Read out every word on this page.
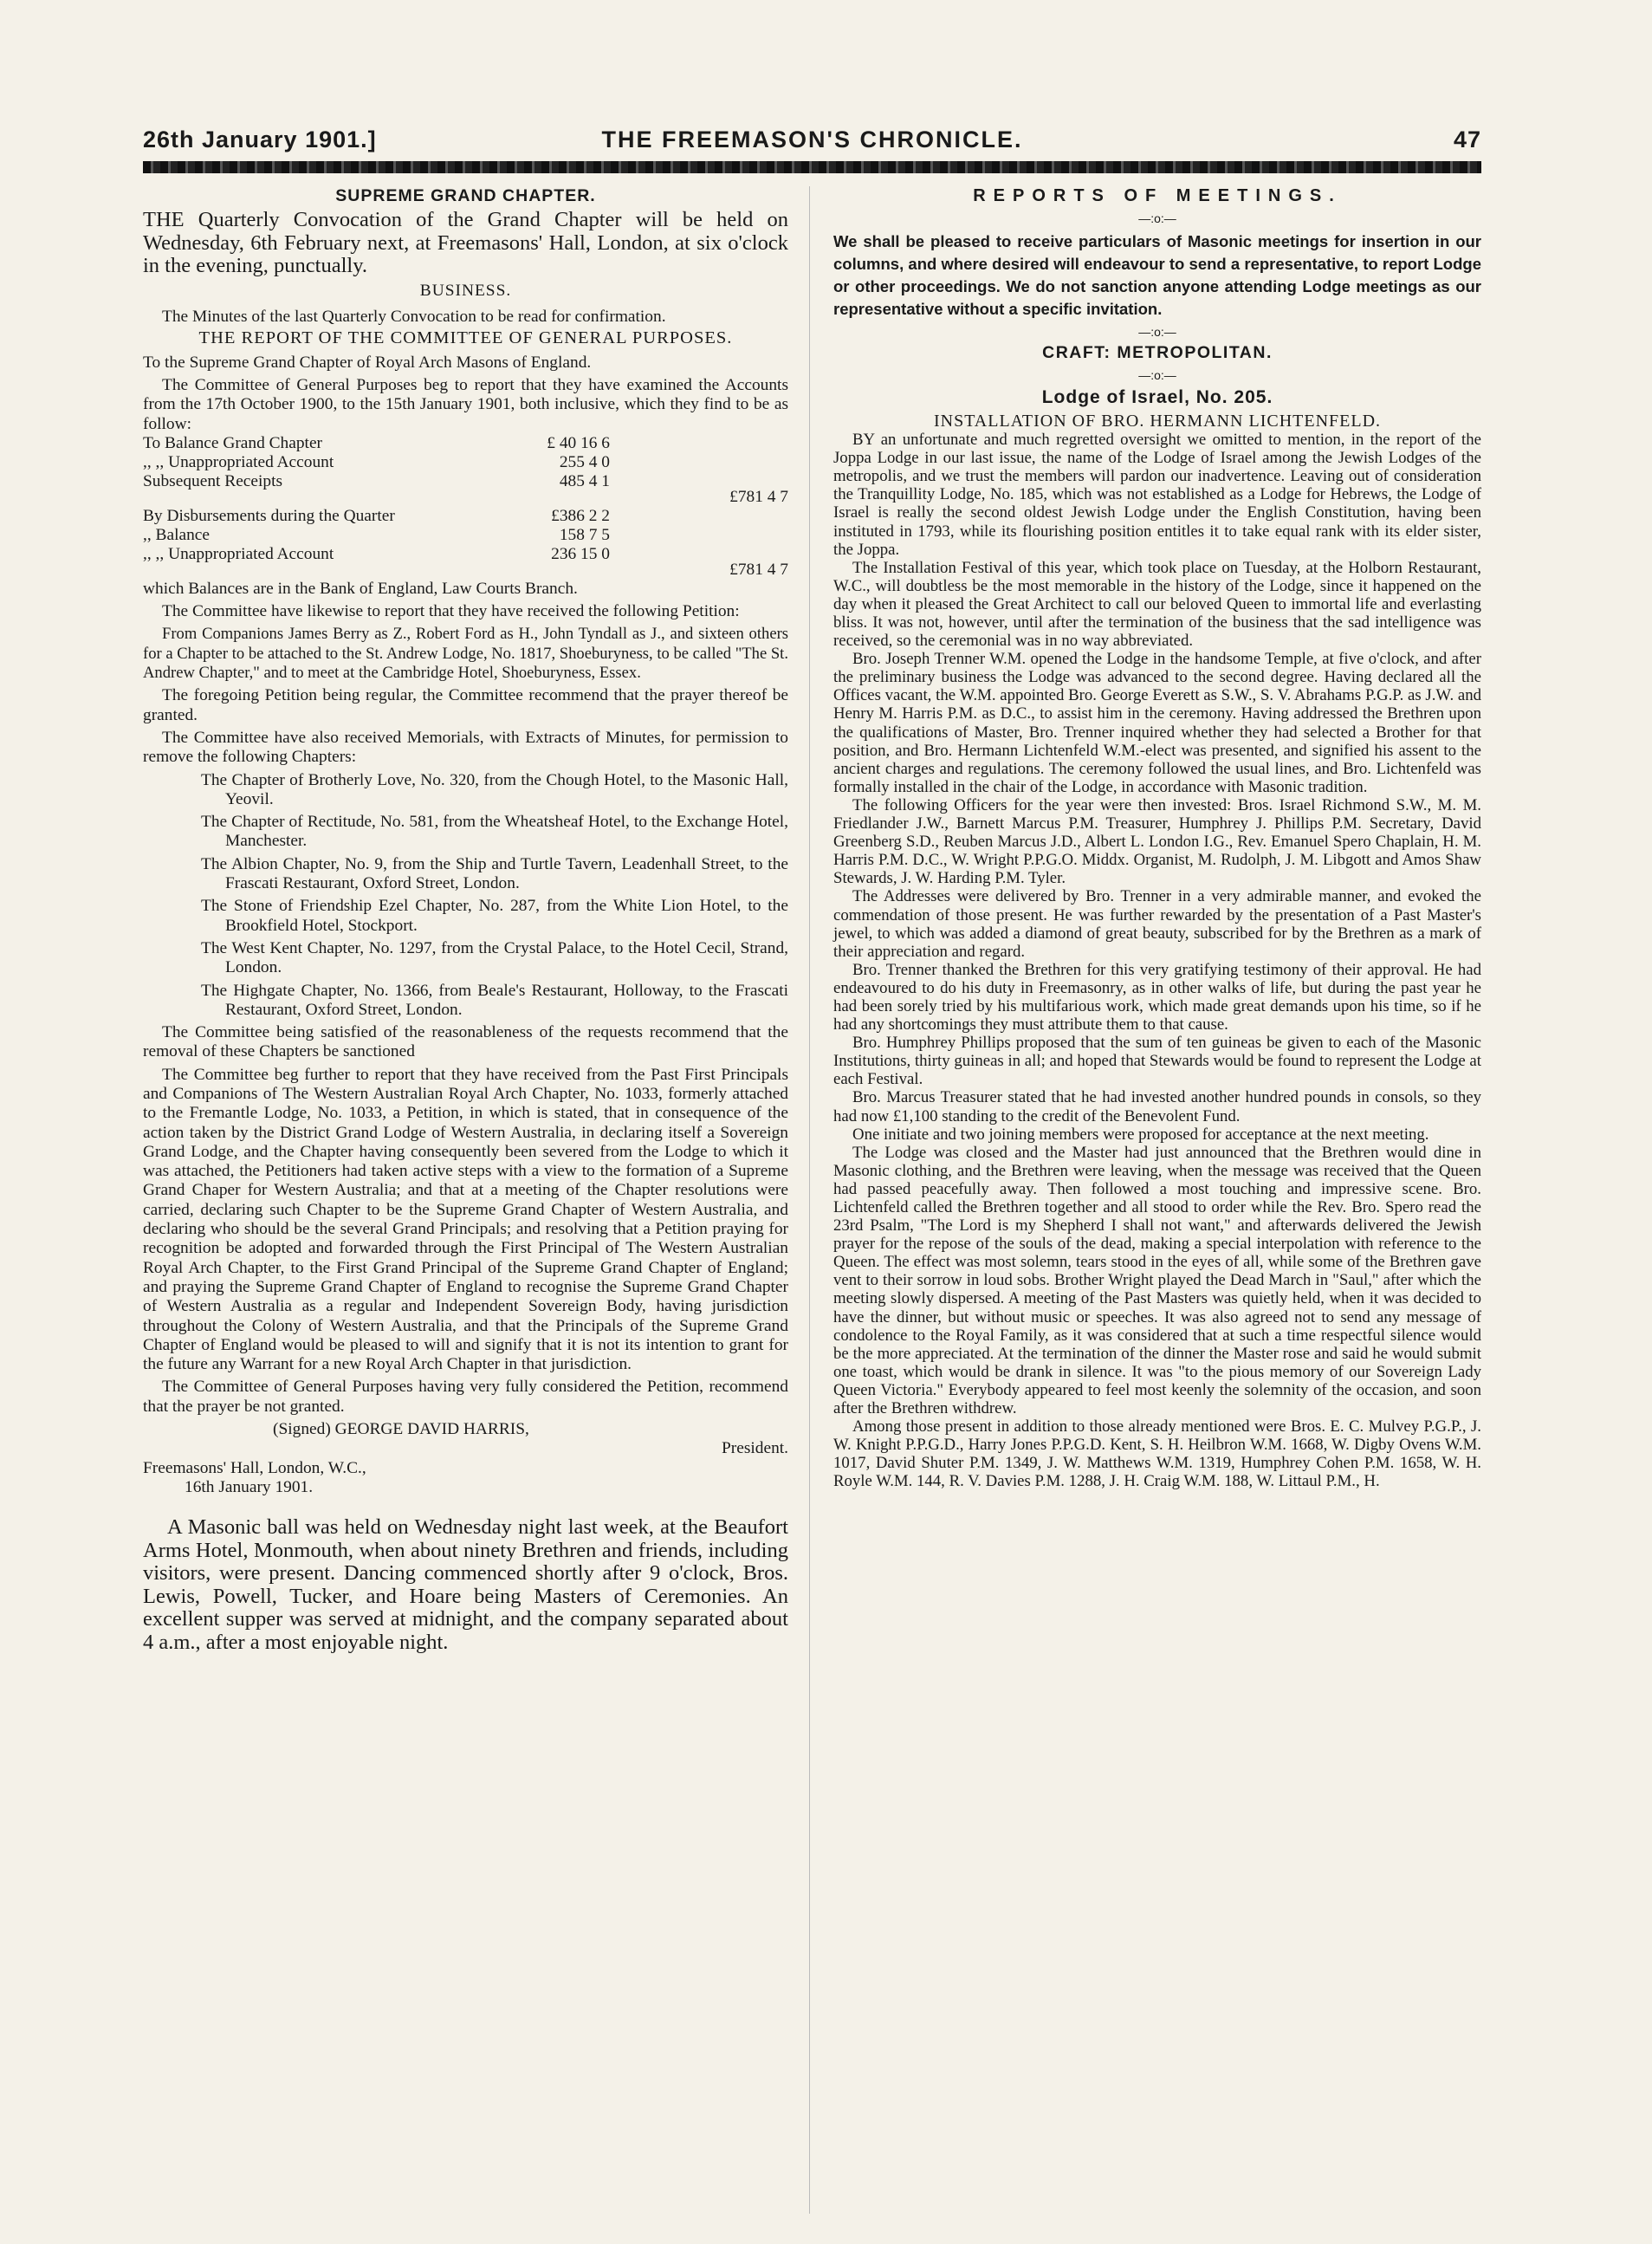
26th January 1901.]	THE FREEMASON'S CHRONICLE.	47
SUPREME GRAND CHAPTER.

THE Quarterly Convocation of the Grand Chapter will be held on Wednesday, 6th February next, at Freemasons' Hall, London, at six o'clock in the evening, punctually.

BUSINESS.

The Minutes of the last Quarterly Convocation to be read for confirmation.

THE REPORT OF THE COMMITTEE OF GENERAL PURPOSES.

To the Supreme Grand Chapter of Royal Arch Masons of England.

The Committee of General Purposes beg to report that they have examined the Accounts from the 17th October 1900, to the 15th January 1901, both inclusive, which they find to be as follow:

To Balance Grand Chapter	£ 40 16 6	
,, ,, Unappropriated Account	255 4 0	
Subsequent Receipts	485 4 1	£781 4 7
By Disbursements during the Quarter	£386 2 2	
,, Balance	158 7 5	
,, ,, Unappropriated Account	236 15 0	£781 4 7

which Balances are in the Bank of England, Law Courts Branch.

The Committee have likewise to report that they have received the following Petition:

From Companions James Berry as Z., Robert Ford as H., John Tyndall as J., and sixteen others for a Chapter to be attached to the St. Andrew Lodge, No. 1817, Shoeburyness, to be called "The St. Andrew Chapter," and to meet at the Cambridge Hotel, Shoeburyness, Essex.

The foregoing Petition being regular, the Committee recommend that the prayer thereof be granted.

The Committee have also received Memorials, with Extracts of Minutes, for permission to remove the following Chapters:

The Chapter of Brotherly Love, No. 320, from the Chough Hotel, to the Masonic Hall, Yeovil.

The Chapter of Rectitude, No. 581, from the Wheatsheaf Hotel, to the Exchange Hotel, Manchester.

The Albion Chapter, No. 9, from the Ship and Turtle Tavern, Leadenhall Street, to the Frascati Restaurant, Oxford Street, London.

The Stone of Friendship Ezel Chapter, No. 287, from the White Lion Hotel, to the Brookfield Hotel, Stockport.

The West Kent Chapter, No. 1297, from the Crystal Palace, to the Hotel Cecil, Strand, London.

The Highgate Chapter, No. 1366, from Beale's Restaurant, Holloway, to the Frascati Restaurant, Oxford Street, London.

The Committee being satisfied of the reasonableness of the requests recommend that the removal of these Chapters be sanctioned

The Committee beg further to report that they have received from the Past First Principals and Companions of The Western Australian Royal Arch Chapter, No. 1033, formerly attached to the Fremantle Lodge, No. 1033, a Petition, in which is stated, that in consequence of the action taken by the District Grand Lodge of Western Australia, in declaring itself a Sovereign Grand Lodge, and the Chapter having consequently been severed from the Lodge to which it was attached, the Petitioners had taken active steps with a view to the formation of a Supreme Grand Chaper for Western Australia; and that at a meeting of the Chapter resolutions were carried, declaring such Chapter to be the Supreme Grand Chapter of Western Australia, and declaring who should be the several Grand Principals; and resolving that a Petition praying for recognition be adopted and forwarded through the First Principal of The Western Australian Royal Arch Chapter, to the First Grand Principal of the Supreme Grand Chapter of England; and praying the Supreme Grand Chapter of England to recognise the Supreme Grand Chapter of Western Australia as a regular and Independent Sovereign Body, having jurisdiction throughout the Colony of Western Australia, and that the Principals of the Supreme Grand Chapter of England would be pleased to will and signify that it is not its intention to grant for the future any Warrant for a new Royal Arch Chapter in that jurisdiction.

The Committee of General Purposes having very fully considered the Petition, recommend that the prayer be not granted.

(Signed) GEORGE DAVID HARRIS,

President.

Freemasons' Hall, London, W.C.,

16th January 1901.

A Masonic ball was held on Wednesday night last week, at the Beaufort Arms Hotel, Monmouth, when about ninety Brethren and friends, including visitors, were present. Dancing commenced shortly after 9 o'clock, Bros. Lewis, Powell, Tucker, and Hoare being Masters of Ceremonies. An excellent supper was served at midnight, and the company separated about 4 a.m., after a most enjoyable night.

REPORTS OF MEETINGS.
—:o:—

We shall be pleased to receive particulars of Masonic meetings for insertion in our columns, and where desired will endeavour to send a representative, to report Lodge or other proceedings. We do not sanction anyone attending Lodge meetings as our representative without a specific invitation.

—:o:—
CRAFT: METROPOLITAN.
—:o:—
Lodge of Israel, No. 205.

INSTALLATION OF BRO. HERMANN LICHTENFELD.

BY an unfortunate and much regretted oversight we omitted to mention, in the report of the Joppa Lodge in our last issue, the name of the Lodge of Israel among the Jewish Lodges of the metropolis, and we trust the members will pardon our inadvertence. Leaving out of consideration the Tranquillity Lodge, No. 185, which was not established as a Lodge for Hebrews, the Lodge of Israel is really the second oldest Jewish Lodge under the English Constitution, having been instituted in 1793, while its flourishing position entitles it to take equal rank with its elder sister, the Joppa.

The Installation Festival of this year, which took place on Tuesday, at the Holborn Restaurant, W.C., will doubtless be the most memorable in the history of the Lodge, since it happened on the day when it pleased the Great Architect to call our beloved Queen to immortal life and everlasting bliss. It was not, however, until after the termination of the business that the sad intelligence was received, so the ceremonial was in no way abbreviated.

Bro. Joseph Trenner W.M. opened the Lodge in the handsome Temple, at five o'clock, and after the preliminary business the Lodge was advanced to the second degree. Having declared all the Offices vacant, the W.M. appointed Bro. George Everett as S.W., S. V. Abrahams P.G.P. as J.W. and Henry M. Harris P.M. as D.C., to assist him in the ceremony. Having addressed the Brethren upon the qualifications of Master, Bro. Trenner inquired whether they had selected a Brother for that position, and Bro. Hermann Lichtenfeld W.M.-elect was presented, and signified his assent to the ancient charges and regulations. The ceremony followed the usual lines, and Bro. Lichtenfeld was formally installed in the chair of the Lodge, in accordance with Masonic tradition.

The following Officers for the year were then invested: Bros. Israel Richmond S.W., M. M. Friedlander J.W., Barnett Marcus P.M. Treasurer, Humphrey J. Phillips P.M. Secretary, David Greenberg S.D., Reuben Marcus J.D., Albert L. London I.G., Rev. Emanuel Spero Chaplain, H. M. Harris P.M. D.C., W. Wright P.P.G.O. Middx. Organist, M. Rudolph, J. M. Libgott and Amos Shaw Stewards, J. W. Harding P.M. Tyler.

The Addresses were delivered by Bro. Trenner in a very admirable manner, and evoked the commendation of those present. He was further rewarded by the presentation of a Past Master's jewel, to which was added a diamond of great beauty, subscribed for by the Brethren as a mark of their appreciation and regard.

Bro. Trenner thanked the Brethren for this very gratifying testimony of their approval. He had endeavoured to do his duty in Freemasonry, as in other walks of life, but during the past year he had been sorely tried by his multifarious work, which made great demands upon his time, so if he had any shortcomings they must attribute them to that cause.

Bro. Humphrey Phillips proposed that the sum of ten guineas be given to each of the Masonic Institutions, thirty guineas in all; and hoped that Stewards would be found to represent the Lodge at each Festival.

Bro. Marcus Treasurer stated that he had invested another hundred pounds in consols, so they had now £1,100 standing to the credit of the Benevolent Fund.

One initiate and two joining members were proposed for acceptance at the next meeting.

The Lodge was closed and the Master had just announced that the Brethren would dine in Masonic clothing, and the Brethren were leaving, when the message was received that the Queen had passed peacefully away. Then followed a most touching and impressive scene. Bro. Lichtenfeld called the Brethren together and all stood to order while the Rev. Bro. Spero read the 23rd Psalm, "The Lord is my Shepherd I shall not want," and afterwards delivered the Jewish prayer for the repose of the souls of the dead, making a special interpolation with reference to the Queen. The effect was most solemn, tears stood in the eyes of all, while some of the Brethren gave vent to their sorrow in loud sobs. Brother Wright played the Dead March in "Saul," after which the meeting slowly dispersed. A meeting of the Past Masters was quietly held, when it was decided to have the dinner, but without music or speeches. It was also agreed not to send any message of condolence to the Royal Family, as it was considered that at such a time respectful silence would be the more appreciated. At the termination of the dinner the Master rose and said he would submit one toast, which would be drank in silence. It was "to the pious memory of our Sovereign Lady Queen Victoria." Everybody appeared to feel most keenly the solemnity of the occasion, and soon after the Brethren withdrew.

Among those present in addition to those already mentioned were Bros. E. C. Mulvey P.G.P., J. W. Knight P.P.G.D., Harry Jones P.P.G.D. Kent, S. H. Heilbron W.M. 1668, W. Digby Ovens W.M. 1017, David Shuter P.M. 1349, J. W. Matthews W.M. 1319, Humphrey Cohen P.M. 1658, W. H. Royle W.M. 144, R. V. Davies P.M. 1288, J. H. Craig W.M. 188, W. Littaul P.M., H.
